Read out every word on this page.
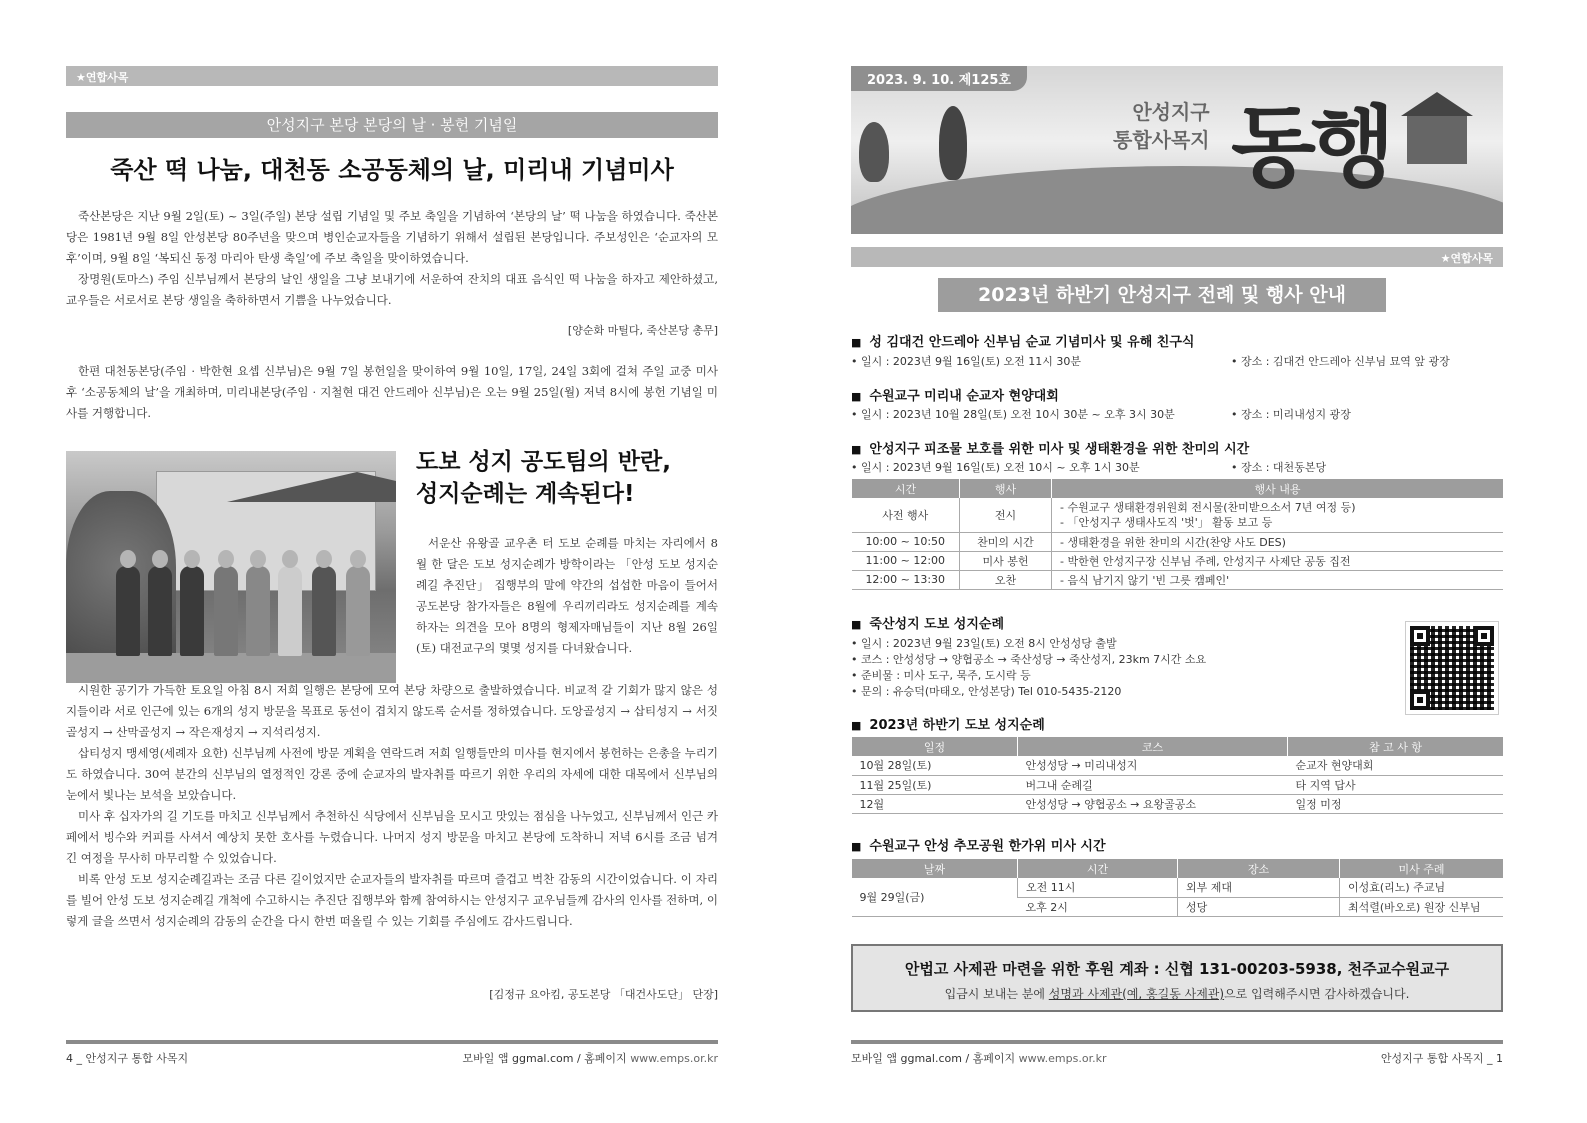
★연합사목
안성지구 본당 본당의 날 · 봉헌 기념일
죽산 떡 나눔, 대천동 소공동체의 날, 미리내 기념미사

죽산본당은 지난 9월 2일(토) ~ 3일(주일) 본당 설립 기념일 및 주보 축일을 기념하여 ‘본당의 날’ 떡 나눔을 하였습니다. 죽산본당은 1981년 9월 8일 안성본당 80주년을 맞으며 병인순교자들을 기념하기 위해서 설립된 본당입니다. 주보성인은 ‘순교자의 모후’이며, 9월 8일 ‘복되신 동정 마리아 탄생 축일’에 주보 축일을 맞이하였습니다.

장명원(토마스) 주임 신부님께서 본당의 날인 생일을 그냥 보내기에 서운하여 잔치의 대표 음식인 떡 나눔을 하자고 제안하셨고, 교우들은 서로서로 본당 생일을 축하하면서 기쁨을 나누었습니다.

[양순화 마틸다, 죽산본당 총무]

한편 대천동본당(주임 · 박한현 요셉 신부님)은 9월 7일 봉헌일을 맞이하여 9월 10일, 17일, 24일 3회에 걸쳐 주일 교중 미사 후 ‘소공동체의 날’을 개최하며, 미리내본당(주임 · 지철현 대건 안드레아 신부님)은 오는 9월 25일(월) 저녁 8시에 봉헌 기념일 미사를 거행합니다.

도보 성지 공도팀의 반란,
성지순례는 계속된다!

서운산 유왕골 교우촌 터 도보 순례를 마치는 자리에서 8월 한 달은 도보 성지순례가 방학이라는 「안성 도보 성지순례길 추진단」 집행부의 말에 약간의 섭섭한 마음이 들어서 공도본당 참가자들은 8월에 우리끼리라도 성지순례를 계속하자는 의견을 모아 8명의 형제자매님들이 지난 8월 26일(토) 대전교구의 몇몇 성지를 다녀왔습니다.

시원한 공기가 가득한 토요일 아침 8시 저희 일행은 본당에 모여 본당 차량으로 출발하였습니다. 비교적 갈 기회가 많지 않은 성지들이라 서로 인근에 있는 6개의 성지 방문을 목표로 동선이 겹치지 않도록 순서를 정하였습니다. 도앙골성지 → 삽티성지 → 서짓골성지 → 산막골성지 → 작은재성지 → 지석리성지.

삽티성지 맹세영(세례자 요한) 신부님께 사전에 방문 계획을 연락드려 저희 일행들만의 미사를 현지에서 봉헌하는 은총을 누리기도 하였습니다. 30여 분간의 신부님의 열정적인 강론 중에 순교자의 발자취를 따르기 위한 우리의 자세에 대한 대목에서 신부님의 눈에서 빛나는 보석을 보았습니다.

미사 후 십자가의 길 기도를 마치고 신부님께서 추천하신 식당에서 신부님을 모시고 맛있는 점심을 나누었고, 신부님께서 인근 카페에서 빙수와 커피를 사셔서 예상치 못한 호사를 누렸습니다. 나머지 성지 방문을 마치고 본당에 도착하니 저녁 6시를 조금 넘겨 긴 여정을 무사히 마무리할 수 있었습니다.

비록 안성 도보 성지순례길과는 조금 다른 길이었지만 순교자들의 발자취를 따르며 즐겁고 벅찬 감동의 시간이었습니다. 이 자리를 빌어 안성 도보 성지순례길 개척에 수고하시는 추진단 집행부와 함께 참여하시는 안성지구 교우님들께 감사의 인사를 전하며, 이렇게 글을 쓰면서 성지순례의 감동의 순간을 다시 한번 떠올릴 수 있는 기회를 주심에도 감사드립니다.

[김정규 요아킴, 공도본당 「대건사도단」 단장]
4 _ 안성지구 통합 사목지	모바일 앱 ggmal.com / 홈페이지 www.emps.or.kr
2023. 9. 10. 제125호
안성지구
통합사목지 동행
★연합사목
2023년 하반기 안성지구 전례 및 행사 안내
■ 성 김대건 안드레아 신부님 순교 기념미사 및 유해 친구식
• 일시 : 2023년 9월 16일(토) 오전 11시 30분	• 장소 : 김대건 안드레아 신부님 묘역 앞 광장
■ 수원교구 미리내 순교자 현양대회
• 일시 : 2023년 10월 28일(토) 오전 10시 30분 ~ 오후 3시 30분	• 장소 : 미리내성지 광장
■ 안성지구 피조물 보호를 위한 미사 및 생태환경을 위한 찬미의 시간
• 일시 : 2023년 9월 16일(토) 오전 10시 ~ 오후 1시 30분	• 장소 : 대천동본당
시간	행사	행사 내용
사전 행사	전시	- 수원교구 생태환경위원회 전시물(찬미받으소서 7년 여정 등)
- 「안성지구 생태사도직 '벗'」 활동 보고 등
10:00 ~ 10:50	찬미의 시간	- 생태환경을 위한 찬미의 시간(찬양 사도 DES)
11:00 ~ 12:00	미사 봉헌	- 박한현 안성지구장 신부님 주례, 안성지구 사제단 공동 집전
12:00 ~ 13:30	오찬	- 음식 남기지 않기 '빈 그릇 캠페인'
■ 죽산성지 도보 성지순례
• 일시 : 2023년 9월 23일(토) 오전 8시 안성성당 출발
• 코스 : 안성성당 → 양협공소 → 죽산성당 → 죽산성지, 23km 7시간 소요
• 준비물 : 미사 도구, 묵주, 도시락 등
• 문의 : 유승덕(마태오, 안성본당) Tel 010-5435-2120
■ 2023년 하반기 도보 성지순례
일정	코스	참 고 사 항
10월 28일(토)	안성성당 → 미리내성지	순교자 현양대회
11월 25일(토)	버그내 순례길	타 지역 답사
12월	안성성당 → 양협공소 → 요왕골공소	일정 미정
■ 수원교구 안성 추모공원 한가위 미사 시간
날짜	시간	장소	미사 주례
9월 29일(금)	오전 11시	외부 제대	이성효(리노) 주교님
	오후 2시	성당	최석렬(바오로) 원장 신부님
안법고 사제관 마련을 위한 후원 계좌 : 신협 131-00203-5938, 천주교수원교구
입금시 보내는 분에 성명과 사제관(예, 홍길동 사제관)으로 입력해주시면 감사하겠습니다.
모바일 앱 ggmal.com / 홈페이지 www.emps.or.kr	안성지구 통합 사목지 _ 1
